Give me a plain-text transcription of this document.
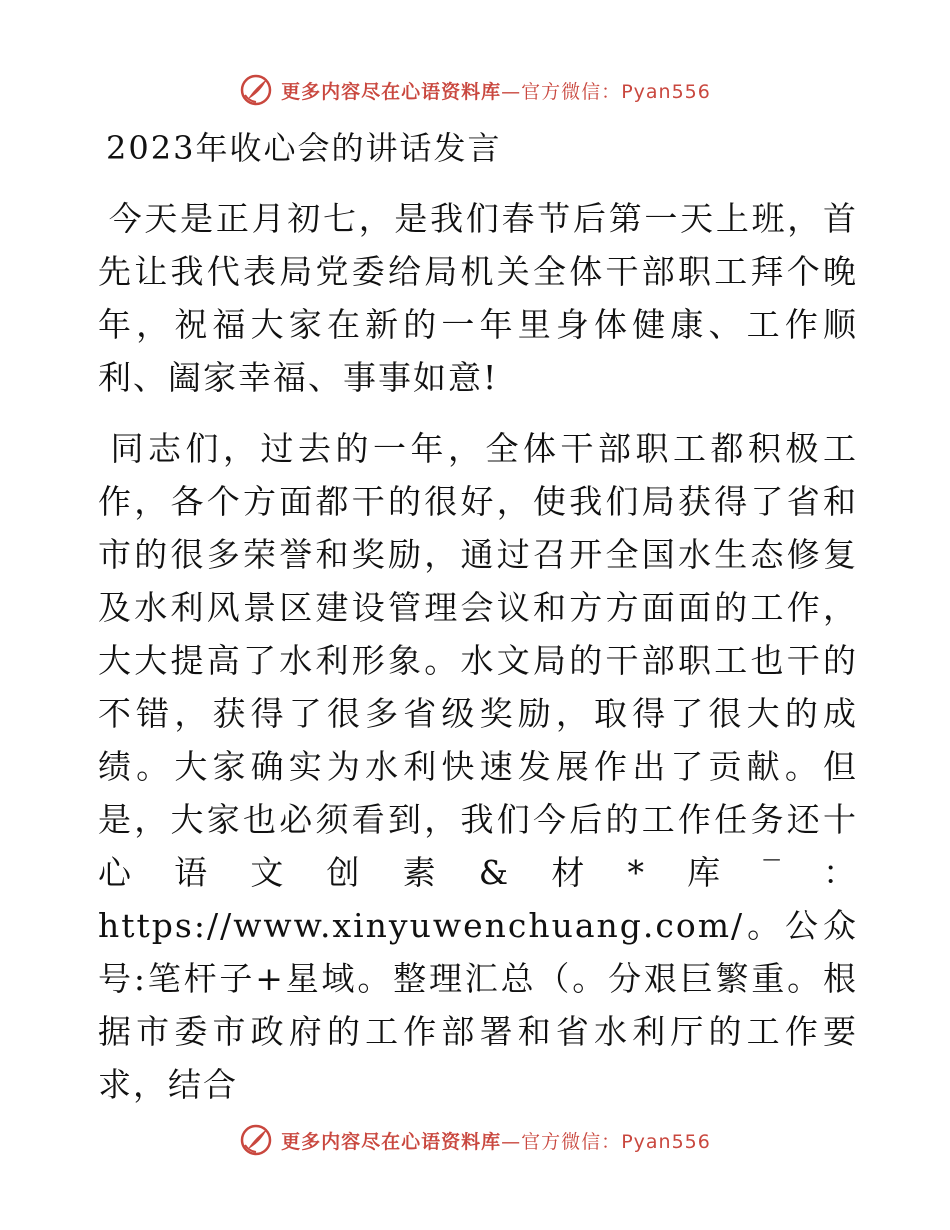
更多内容尽在心语资料库—官方微信：Pyan556
2023年收心会的讲话发言

今天是正月初七，是我们春节后第一天上班，首先让我代表局党委给局机关全体干部职工拜个晚年，祝福大家在新的一年里身体健康、工作顺利、阖家幸福、事事如意!

同志们，过去的一年，全体干部职工都积极工作，各个方面都干的很好，使我们局获得了省和市的很多荣誉和奖励，通过召开全国水生态修复及水利风景区建设管理会议和方方面面的工作，大大提高了水利形象。水文局的干部职工也干的不错，获得了很多省级奖励，取得了很大的成绩。大家确实为水利快速发展作出了贡献。但是，大家也必须看到，我们今后的工作任务还十心语文创素&材*库‾：https://www.xinyuwenchuang.com/。公众号:笔杆子+星域。整理汇总（。分艰巨繁重。根据市委市政府的工作部署和省水利厅的工作要求，结合

更多内容尽在心语资料库—官方微信：Pyan556
